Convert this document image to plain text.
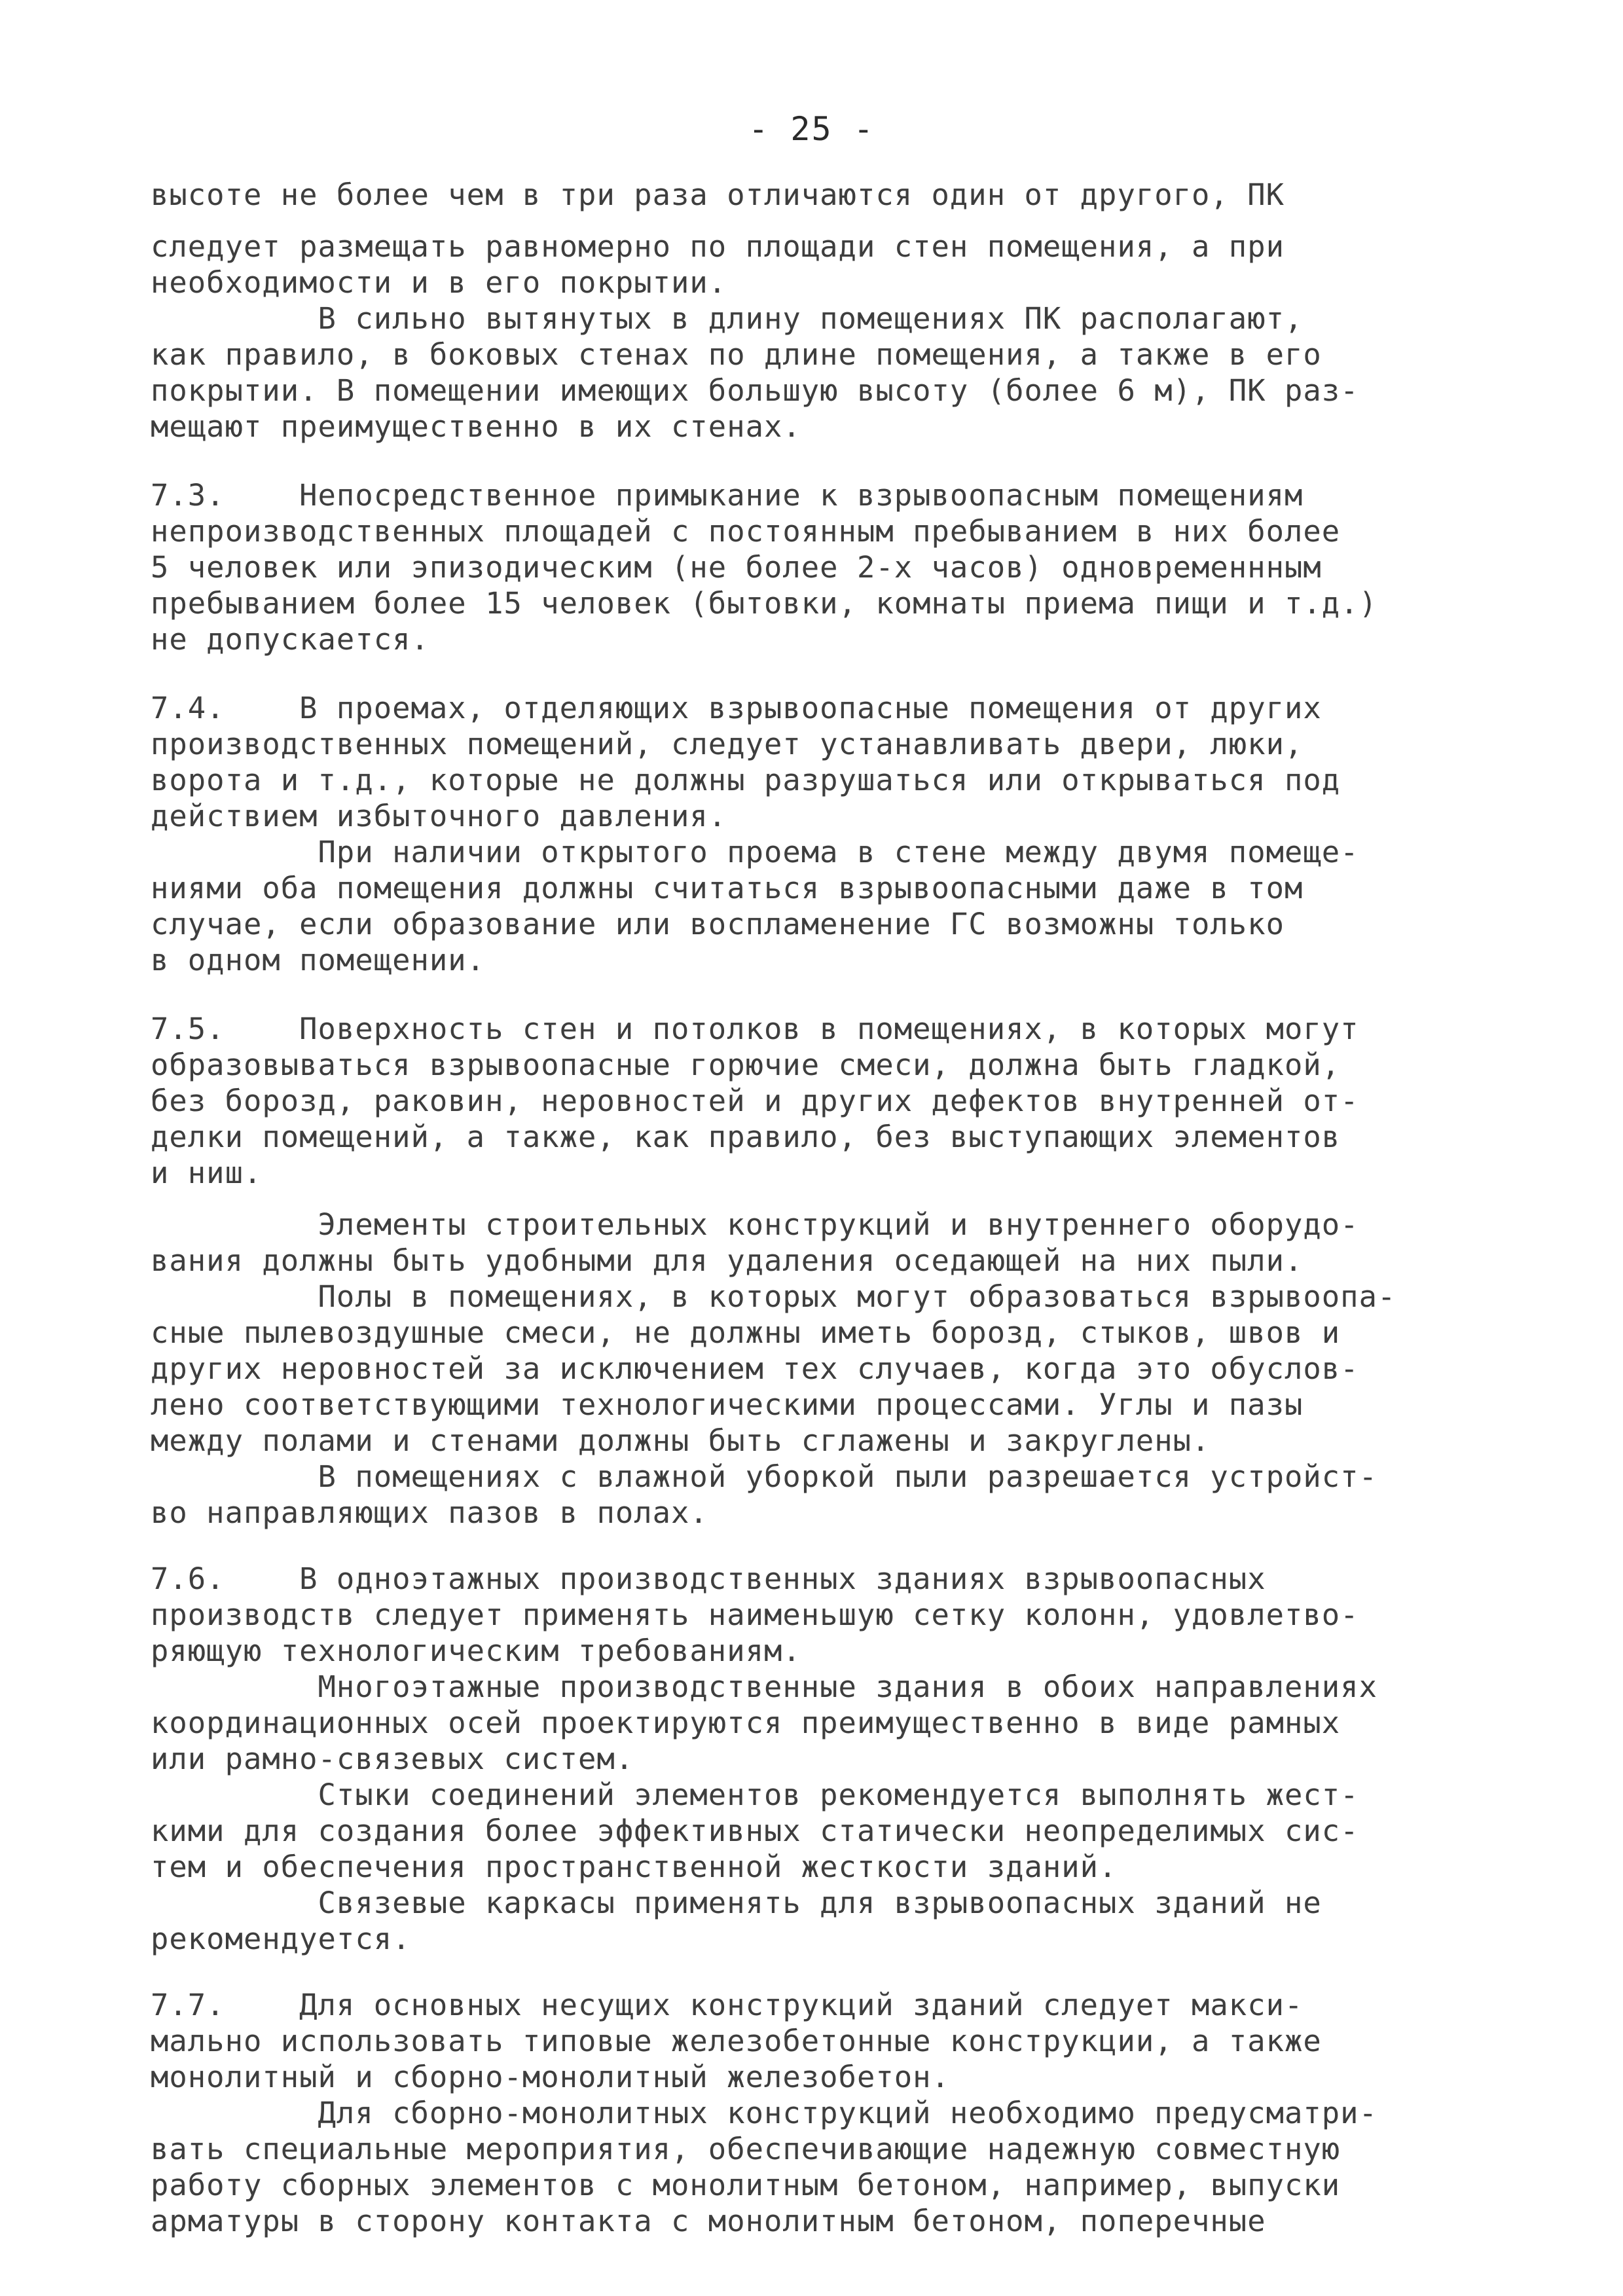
- 25 -
высоте не более чем в три раза отличаются один от другого, ПК
следует размещать равномерно по площади стен помещения, а при
необходимости и в его покрытии.
В сильно вытянутых в длину помещениях ПК располагают,
как правило, в боковых стенах по длине помещения, а также в его
покрытии. В помещении имеющих большую высоту (более 6 м), ПК раз-
мещают преимущественно в их стенах.
7.3.    Непосредственное примыкание к взрывоопасным помещениям
непроизводственных площадей с постоянным пребыванием в них более
5 человек или эпизодическим (не более 2-х часов) одновременнным
пребыванием более 15 человек (бытовки, комнаты приема пищи и т.д.)
не допускается.
7.4.    В проемах, отделяющих взрывоопасные помещения от других
производственных помещений, следует устанавливать двери, люки,
ворота и т.д., которые не должны разрушаться или открываться под
действием избыточного давления.
При наличии открытого проема в стене между двумя помеще-
ниями оба помещения должны считаться взрывоопасными даже в том
случае, если образование или воспламенение ГС возможны только
в одном помещении.
7.5.    Поверхность стен и потолков в помещениях, в которых могут
образовываться взрывоопасные горючие смеси, должна быть гладкой,
без борозд, раковин, неровностей и других дефектов внутренней от-
делки помещений, а также, как правило, без выступающих элементов
и ниш.
Элементы строительных конструкций и внутреннего оборудо-
вания должны быть удобными для удаления оседающей на них пыли.
Полы в помещениях, в которых могут образоваться взрывоопа-
сные пылевоздушные смеси, не должны иметь борозд, стыков, швов и
других неровностей за исключением тех случаев, когда это обуслов-
лено соответствующими технологическими процессами. Углы и пазы
между полами и стенами должны быть сглажены и закруглены.
В помещениях с влажной уборкой пыли разрешается устройст-
во направляющих пазов в полах.
7.6.    В одноэтажных производственных зданиях взрывоопасных
производств следует применять наименьшую сетку колонн, удовлетво-
ряющую технологическим требованиям.
Многоэтажные производственные здания в обоих направлениях
координационных осей проектируются преимущественно в виде рамных
или рамно-связевых систем.
Стыки соединений элементов рекомендуется выполнять жест-
кими для создания более эффективных статически неопределимых сис-
тем и обеспечения пространственной жесткости зданий.
Связевые каркасы применять для взрывоопасных зданий не
рекомендуется.
7.7.    Для основных несущих конструкций зданий следует макси-
мально использовать типовые железобетонные конструкции, а также
монолитный и сборно-монолитный железобетон.
Для сборно-монолитных конструкций необходимо предусматри-
вать специальные мероприятия, обеспечивающие надежную совместную
работу сборных элементов с монолитным бетоном, например, выпуски
арматуры в сторону контакта с монолитным бетоном, поперечные
